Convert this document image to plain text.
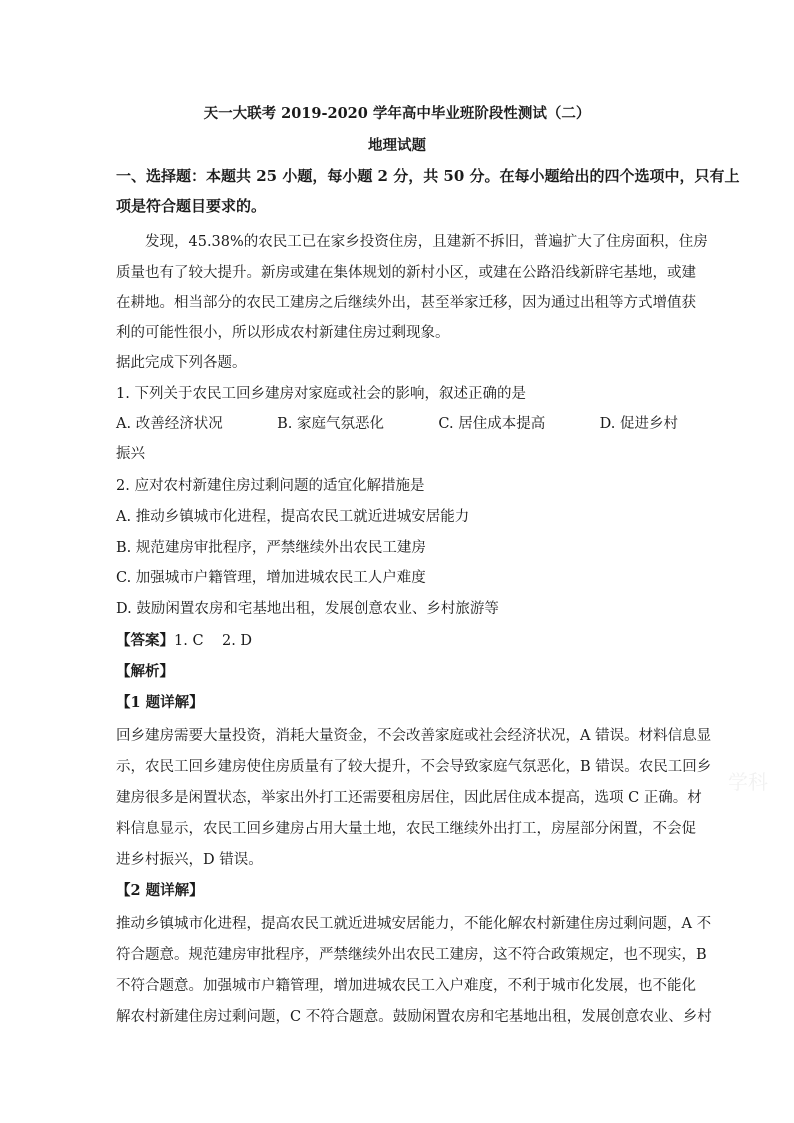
天一大联考 2019-2020 学年高中毕业班阶段性测试（二）
地理试题
一、选择题：本题共 25 小题，每小题 2 分，共 50 分。在每小题给出的四个选项中，只有上
项是符合题目要求的。
发现，45.38%的农民工已在家乡投资住房，且建新不拆旧，普遍扩大了住房面积，住房
质量也有了较大提升。新房或建在集体规划的新村小区，或建在公路沿线新辟宅基地，或建
在耕地。相当部分的农民工建房之后继续外出，甚至举家迁移，因为通过出租等方式增值获
利的可能性很小，所以形成农村新建住房过剩现象。
据此完成下列各题。
1. 下列关于农民工回乡建房对家庭或社会的影响，叙述正确的是
A. 改善经济状况	B. 家庭气氛恶化	C. 居住成本提高	D. 促进乡村
振兴
2. 应对农村新建住房过剩问题的适宜化解措施是
A. 推动乡镇城市化进程，提高农民工就近进城安居能力
B. 规范建房审批程序，严禁继续外出农民工建房
C. 加强城市户籍管理，增加进城农民工人户难度
D. 鼓励闲置农房和宅基地出租，发展创意农业、乡村旅游等
【答案】1. C    2. D
【解析】
【1 题详解】
回乡建房需要大量投资，消耗大量资金，不会改善家庭或社会经济状况，A 错误。材料信息显
示，农民工回乡建房使住房质量有了较大提升，不会导致家庭气氛恶化，B 错误。农民工回乡
建房很多是闲置状态，举家出外打工还需要租房居住，因此居住成本提高，选项 C 正确。材
料信息显示，农民工回乡建房占用大量土地，农民工继续外出打工，房屋部分闲置，不会促
进乡村振兴，D 错误。
【2 题详解】
推动乡镇城市化进程，提高农民工就近进城安居能力，不能化解农村新建住房过剩问题，A 不
符合题意。规范建房审批程序，严禁继续外出农民工建房，这不符合政策规定，也不现实，B
不符合题意。加强城市户籍管理，增加进城农民工入户难度，不利于城市化发展，也不能化
解农村新建住房过剩问题，C 不符合题意。鼓励闲置农房和宅基地出租，发展创意农业、乡村
学科
